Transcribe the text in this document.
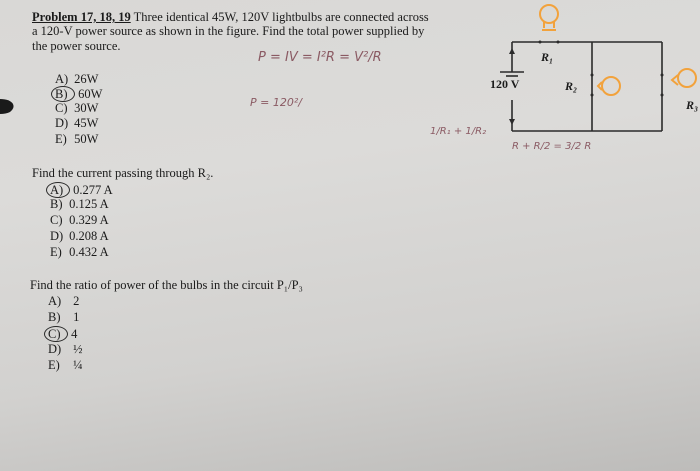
Problem 17, 18, 19 Three identical 45W, 120V lightbulbs are connected across
a 120-V power source as shown in the figure. Find the total power supplied by
the power source.
A) 26W
B) 60W
C) 30W
D) 45W
E) 50W
Find the current passing through R₂.
A) 0.277 A
B) 0.125 A
C) 0.329 A
D) 0.208 A
E) 0.432 A
Find the ratio of power of the bulbs in the circuit P₁/P₃
A) 2
B) 1
C) 4
D) ½
E) ¼
P = IV = I²R = V²/R
P = 120²/
1/R₁ + 1/R₂
R + R/2 = 3/2 R
120 V
R₁
R₂
R₃
